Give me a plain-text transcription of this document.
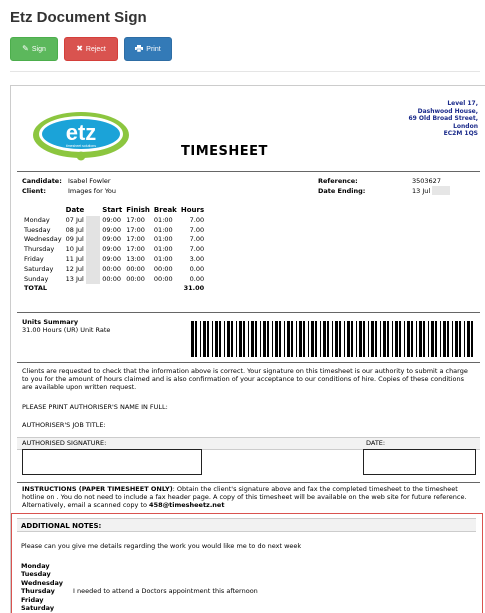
Etz Document Sign
✎ Sign	✖ Reject	Print
etz
timesheet solutions	TIMESHEET
Level 17,
Dashwood House,
69 Old Broad Street,
London
EC2M 1QS
Candidate: Isabel Fowler
Client:	Images for You
Reference:	3503627
Date Ending:	13 Jul
	Date		Start	Finish	Break	Hours
Monday	07 Jul		09:00	17:00	01:00	7.00
Tuesday	08 Jul		09:00	17:00	01:00	7.00
Wednesday	09 Jul		09:00	17:00	01:00	7.00
Thursday	10 Jul		09:00	17:00	01:00	7.00
Friday	11 Jul		09:00	13:00	01:00	3.00
Saturday	12 Jul		00:00	00:00	00:00	0.00
Sunday	13 Jul		00:00	00:00	00:00	0.00
TOTAL						31.00
Units Summary
31.00 Hours (UR) Unit Rate
Clients are requested to check that the information above is correct. Your signature on this timesheet is our authority to submit a charge to you for the amount of hours claimed and is also confirmation of your acceptance to our conditions of hire. Copies of these conditions are available upon written request.
PLEASE PRINT AUTHORISER'S NAME IN FULL:
AUTHORISER'S JOB TITLE:
AUTHORISED SIGNATURE:	DATE:
INSTRUCTIONS (PAPER TIMESHEET ONLY): Obtain the client's signature above and fax the completed timesheet to the timesheet hotline on . You do not need to include a fax header page. A copy of this timesheet will be available on the web site for future reference. Alternatively, email a scanned copy to 458@timesheetz.net
ADDITIONAL NOTES:
Please can you give me details regarding the work you would like me to do next week
Monday
Tuesday
Wednesday
Thursday
Friday
Saturday
I needed to attend a Doctors appointment this afternoon
